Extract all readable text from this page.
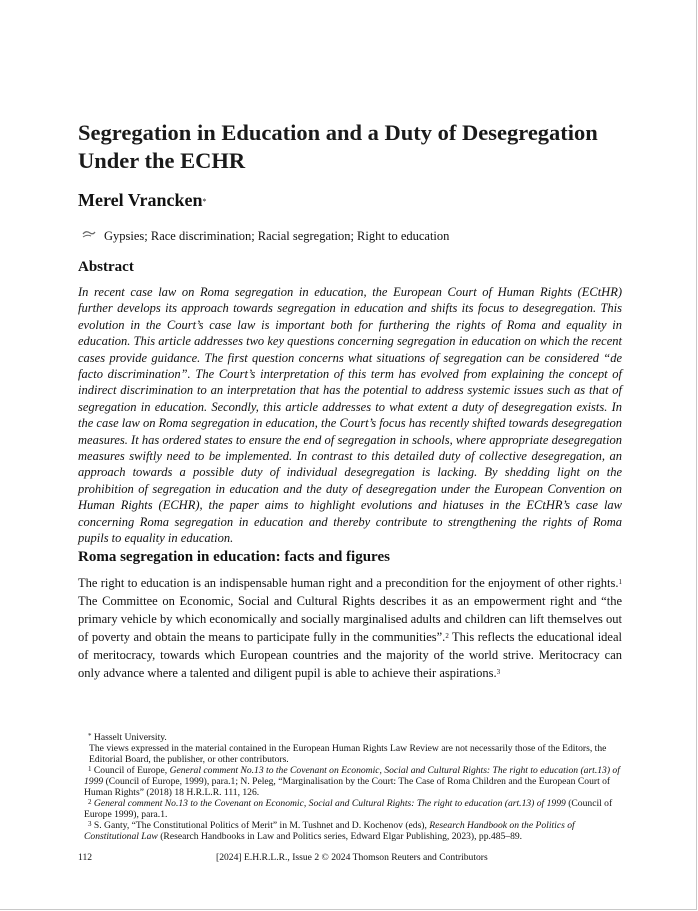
Segregation in Education and a Duty of Desegregation Under the ECHR
Merel Vrancken*
Gypsies; Race discrimination; Racial segregation; Right to education
Abstract

In recent case law on Roma segregation in education, the European Court of Human Rights (ECtHR) further develops its approach towards segregation in education and shifts its focus to desegregation. This evolution in the Court’s case law is important both for furthering the rights of Roma and equality in education. This article addresses two key questions concerning segregation in education on which the recent cases provide guidance. The first question concerns what situations of segregation can be considered “de facto discrimination”. The Court’s interpretation of this term has evolved from explaining the concept of indirect discrimination to an interpretation that has the potential to address systemic issues such as that of segregation in education. Secondly, this article addresses to what extent a duty of desegregation exists. In the case law on Roma segregation in education, the Court’s focus has recently shifted towards desegregation measures. It has ordered states to ensure the end of segregation in schools, where appropriate desegregation measures swiftly need to be implemented. In contrast to this detailed duty of collective desegregation, an approach towards a possible duty of individual desegregation is lacking. By shedding light on the prohibition of segregation in education and the duty of desegregation under the European Convention on Human Rights (ECHR), the paper aims to highlight evolutions and hiatuses in the ECtHR’s case law concerning Roma segregation in education and thereby contribute to strengthening the rights of Roma pupils to equality in education.

Roma segregation in education: facts and figures

The right to education is an indispensable human right and a precondition for the enjoyment of other rights.$^1$ The Committee on Economic, Social and Cultural Rights describes it as an empowerment right and “the primary vehicle by which economically and socially marginalised adults and children can lift themselves out of poverty and obtain the means to participate fully in the communities”.$^2$ This reflects the educational ideal of meritocracy, towards which European countries and the majority of the world strive. Meritocracy can only advance where a talented and diligent pupil is able to achieve their aspirations.$^3$

* Hasselt University.

The views expressed in the material contained in the European Human Rights Law Review are not necessarily those of the Editors, the Editorial Board, the publisher, or other contributors.

$^1$ Council of Europe, General comment No.13 to the Covenant on Economic, Social and Cultural Rights: The right to education (art.13) of 1999 (Council of Europe, 1999), para.1; N. Peleg, “Marginalisation by the Court: The Case of Roma Children and the European Court of Human Rights” (2018) 18 H.R.L.R. 111, 126.

$^2$ General comment No.13 to the Covenant on Economic, Social and Cultural Rights: The right to education (art.13) of 1999 (Council of Europe 1999), para.1.

$^3$ S. Ganty, “The Constitutional Politics of Merit” in M. Tushnet and D. Kochenov (eds), Research Handbook on the Politics of Constitutional Law (Research Handbooks in Law and Politics series, Edward Elgar Publishing, 2023), pp.485–89.

112	[2024] E.H.R.L.R., Issue 2 © 2024 Thomson Reuters and Contributors
